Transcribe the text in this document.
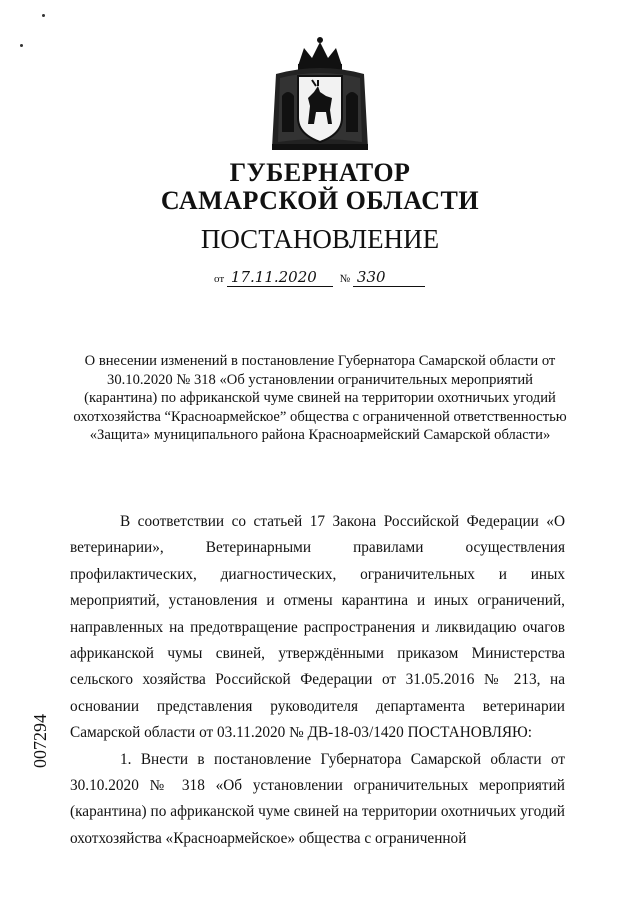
ГУБЕРНАТОР
САМАРСКОЙ ОБЛАСТИ
ПОСТАНОВЛЕНИЕ
от 17.11.2020 № 330
О внесении изменений в постановление Губернатора Самарской области от 30.10.2020 № 318 «Об установлении ограничительных мероприятий (карантина) по африканской чуме свиней на территории охотничьих угодий охотхозяйства “Красноармейское” общества с ограниченной ответственностью «Защита» муниципального района Красноармейский Самарской области»

В соответствии со статьей 17 Закона Российской Федерации «О ветеринарии», Ветеринарными правилами осуществления профилактических, диагностических, ограничительных и иных мероприятий, установления и отмены карантина и иных ограничений, направленных на предотвращение распространения и ликвидацию очагов африканской чумы свиней, утверждёнными приказом Министерства сельского хозяйства Российской Федерации от 31.05.2016 № 213, на основании представления руководителя департамента ветеринарии Самарской области от 03.11.2020 № ДВ-18-03/1420 ПОСТАНОВЛЯЮ:

1. Внести в постановление Губернатора Самарской области от 30.10.2020 № 318 «Об установлении ограничительных мероприятий (карантина) по африканской чуме свиней на территории охотничьих угодий охотхозяйства «Красноармейское» общества с ограниченной

007294
